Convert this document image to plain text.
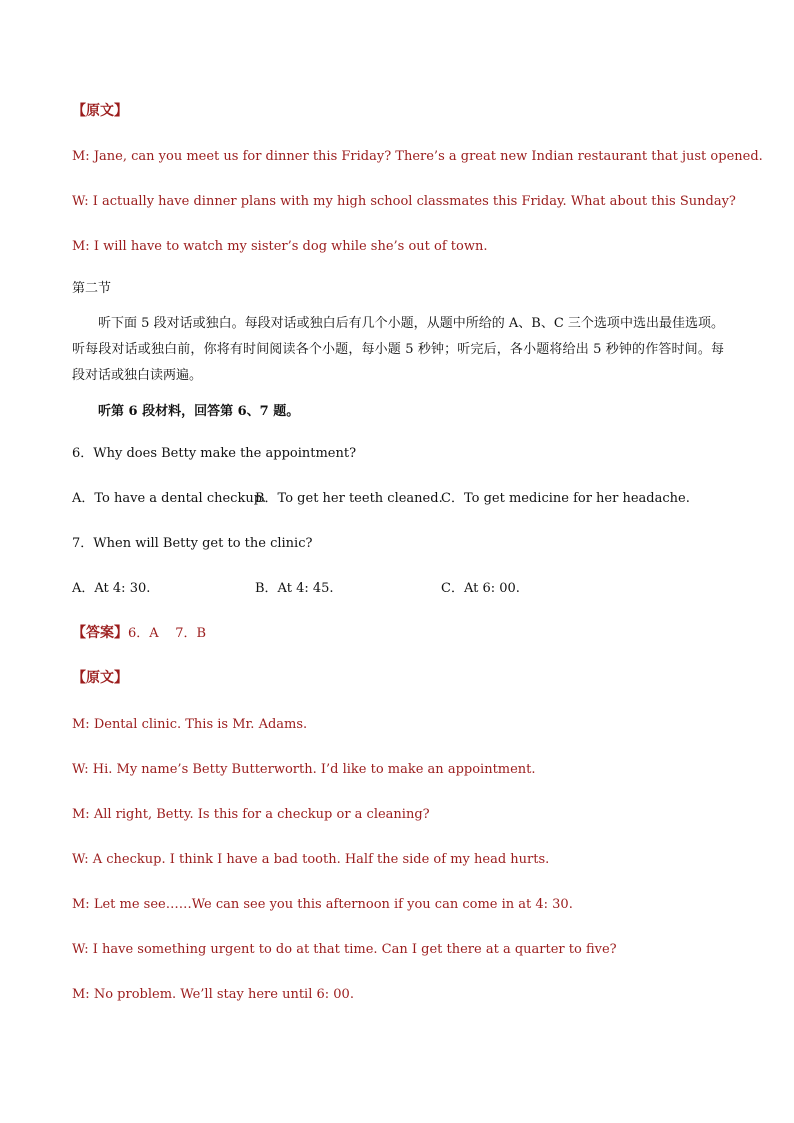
【原文】
M: Jane, can you meet us for dinner this Friday? There’s a great new Indian restaurant that just opened.
W: I actually have dinner plans with my high school classmates this Friday. What about this Sunday?
M: I will have to watch my sister’s dog while she’s out of town.
第二节
听下面 5 段对话或独白。每段对话或独白后有几个小题，从题中所给的 A、B、C 三个选项中选出最佳选项。听每段对话或独白前，你将有时间阅读各个小题，每小题 5 秒钟；听完后，各小题将给出 5 秒钟的作答时间。每段对话或独白读两遍。
听第 6 段材料，回答第 6、7 题。
6．Why does Betty make the appointment?
A．To have a dental checkup.
B．To get her teeth cleaned.
C．To get medicine for her headache.
7．When will Betty get to the clinic?
A．At 4: 30.	B．At 4: 45.	C．At 6: 00.
【答案】6．A    7．B
【原文】
M: Dental clinic. This is Mr. Adams.
W: Hi. My name’s Betty Butterworth. I’d like to make an appointment.
M: All right, Betty. Is this for a checkup or a cleaning?
W: A checkup. I think I have a bad tooth. Half the side of my head hurts.
M: Let me see……We can see you this afternoon if you can come in at 4: 30.
W: I have something urgent to do at that time. Can I get there at a quarter to five?
M: No problem. We’ll stay here until 6: 00.
